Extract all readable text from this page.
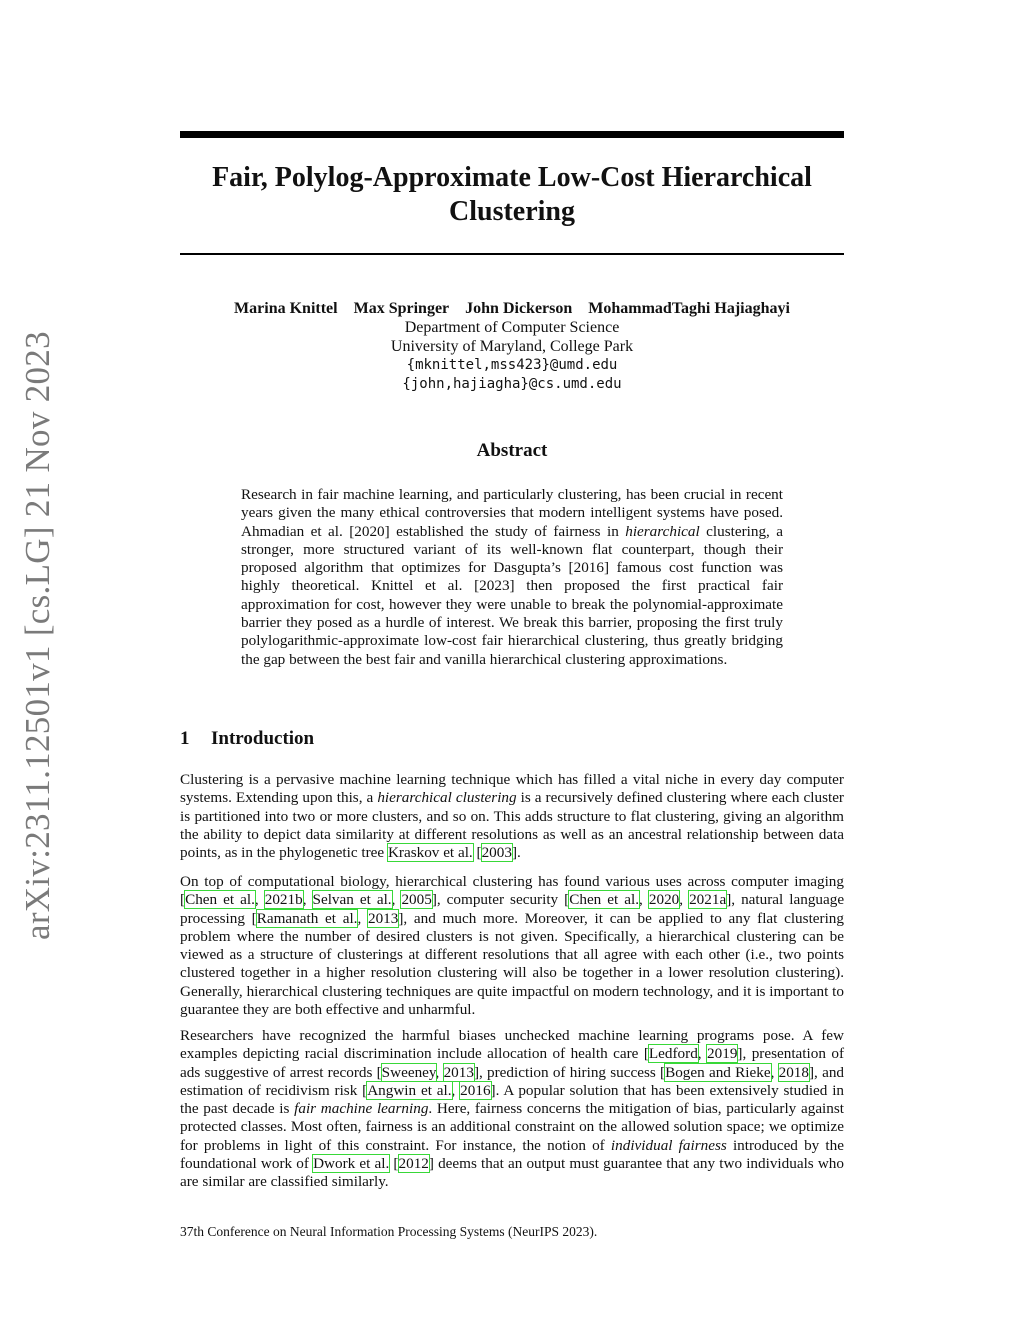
arXiv:2311.12501v1 [cs.LG] 21 Nov 2023
Fair, Polylog-Approximate Low-Cost Hierarchical
Clustering
Marina Knittel Max Springer John Dickerson MohammadTaghi Hajiaghayi
Department of Computer Science
University of Maryland, College Park
{mknittel,mss423}@umd.edu
{john,hajiagha}@cs.umd.edu
Abstract

Research in fair machine learning, and particularly clustering, has been crucial in recent years given the many ethical controversies that modern intelligent systems have posed. Ahmadian et al. [2020] established the study of fairness in hierarchical clustering, a stronger, more structured variant of its well-known flat counterpart, though their proposed algorithm that optimizes for Dasgupta’s [2016] famous cost function was highly theoretical. Knittel et al. [2023] then proposed the first practical fair approximation for cost, however they were unable to break the polynomial-approximate barrier they posed as a hurdle of interest. We break this barrier, proposing the first truly polylogarithmic-approximate low-cost fair hierarchical clustering, thus greatly bridging the gap between the best fair and vanilla hierarchical clustering approximations.

1 Introduction

Clustering is a pervasive machine learning technique which has filled a vital niche in every day computer systems. Extending upon this, a hierarchical clustering is a recursively defined clustering where each cluster is partitioned into two or more clusters, and so on. This adds structure to flat clustering, giving an algorithm the ability to depict data similarity at different resolutions as well as an ancestral relationship between data points, as in the phylogenetic tree Kraskov et al. [2003].

On top of computational biology, hierarchical clustering has found various uses across computer imaging [Chen et al., 2021b, Selvan et al., 2005], computer security [Chen et al., 2020, 2021a], natural language processing [Ramanath et al., 2013], and much more. Moreover, it can be applied to any flat clustering problem where the number of desired clusters is not given. Specifically, a hierarchical clustering can be viewed as a structure of clusterings at different resolutions that all agree with each other (i.e., two points clustered together in a higher resolution clustering will also be together in a lower resolution clustering). Generally, hierarchical clustering techniques are quite impactful on modern technology, and it is important to guarantee they are both effective and unharmful.

Researchers have recognized the harmful biases unchecked machine learning programs pose. A few examples depicting racial discrimination include allocation of health care [Ledford, 2019], presentation of ads suggestive of arrest records [Sweeney, 2013], prediction of hiring success [Bogen and Rieke, 2018], and estimation of recidivism risk [Angwin et al., 2016]. A popular solution that has been extensively studied in the past decade is fair machine learning. Here, fairness concerns the mitigation of bias, particularly against protected classes. Most often, fairness is an additional constraint on the allowed solution space; we optimize for problems in light of this constraint. For instance, the notion of individual fairness introduced by the foundational work of Dwork et al. [2012] deems that an output must guarantee that any two individuals who are similar are classified similarly.

37th Conference on Neural Information Processing Systems (NeurIPS 2023).
